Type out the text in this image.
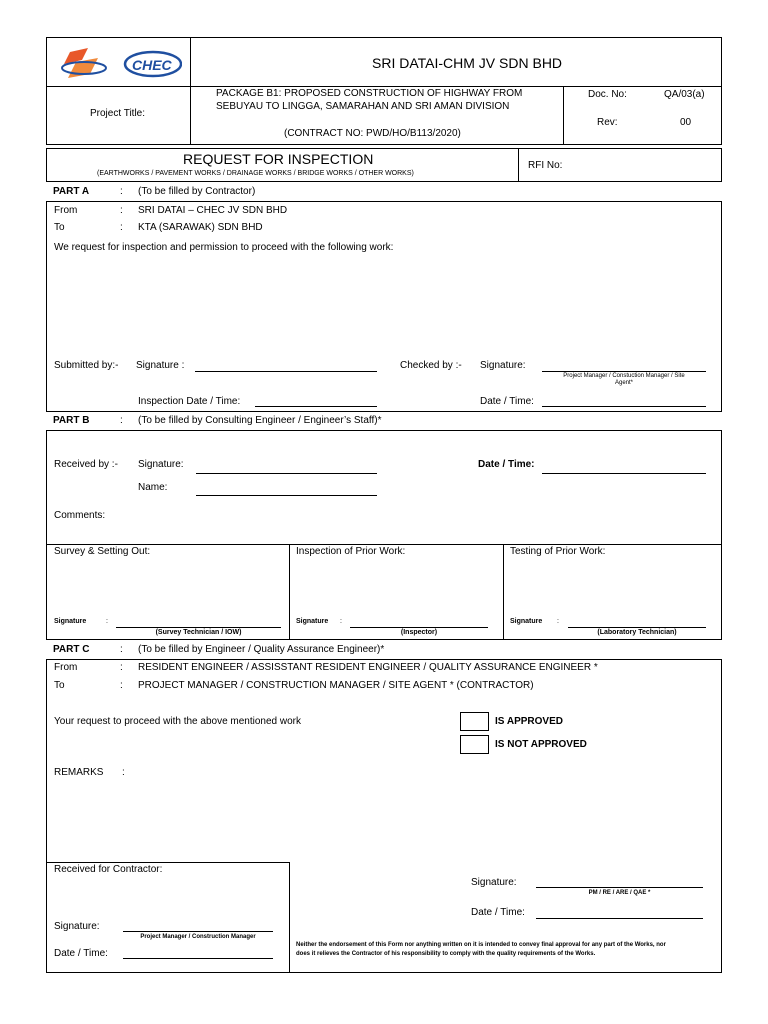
CHEC	SRI DATAI-CHM JV SDN BHD
Project Title:
PACKAGE B1: PROPOSED CONSTRUCTION OF HIGHWAY FROM
SEBUYAU TO LINGGA, SAMARAHAN AND SRI AMAN DIVISION
(CONTRACT NO: PWD/HO/B113/2020)
Doc. No:	QA/03(a)
Rev:	00
REQUEST FOR INSPECTION
(EARTHWORKS / PAVEMENT WORKS / DRAINAGE WORKS / BRIDGE WORKS / OTHER WORKS)
RFI No:
PART A	: (To be filled by Contractor)
From	: SRI DATAI – CHEC JV SDN BHD
To	: KTA (SARAWAK) SDN BHD
We request for inspection and permission to proceed with the following work:
Submitted by:- Signature :	Checked by :- Signature:
Project Manager / Constuction Manager / Site
Agent*
Inspection Date / Time:	Date / Time:
PART B	: (To be filled by Consulting Engineer / Engineer’s Staff)*
Received by :- Signature:	Date / Time:
Name:
Comments:
Survey & Setting Out:	Inspection of Prior Work:	Testing of Prior Work:
Signature	:
(Survey Technician / IOW)
Signature :
(Inspector)
Signature :
(Laboratory Technician)
PART C	: (To be filled by Engineer / Quality Assurance Engineer)*
From	: RESIDENT ENGINEER / ASSISSTANT RESIDENT ENGINEER / QUALITY ASSURANCE ENGINEER *
To	: PROJECT MANAGER / CONSTRUCTION MANAGER / SITE AGENT * (CONTRACTOR)
Your request to proceed with the above mentioned work	IS APPROVED
IS NOT APPROVED
REMARKS :
Received for Contractor:
Signature:
Project Manager / Construction Manager
Date / Time:
Signature:
PM / RE / ARE / QAE *
Date / Time:
Neither the endorsement of this Form nor anything written on it is intended to convey final approval for any part of the Works, nor
does it relieves the Contractor of his responsibility to comply with the quality requirements of the Works.
